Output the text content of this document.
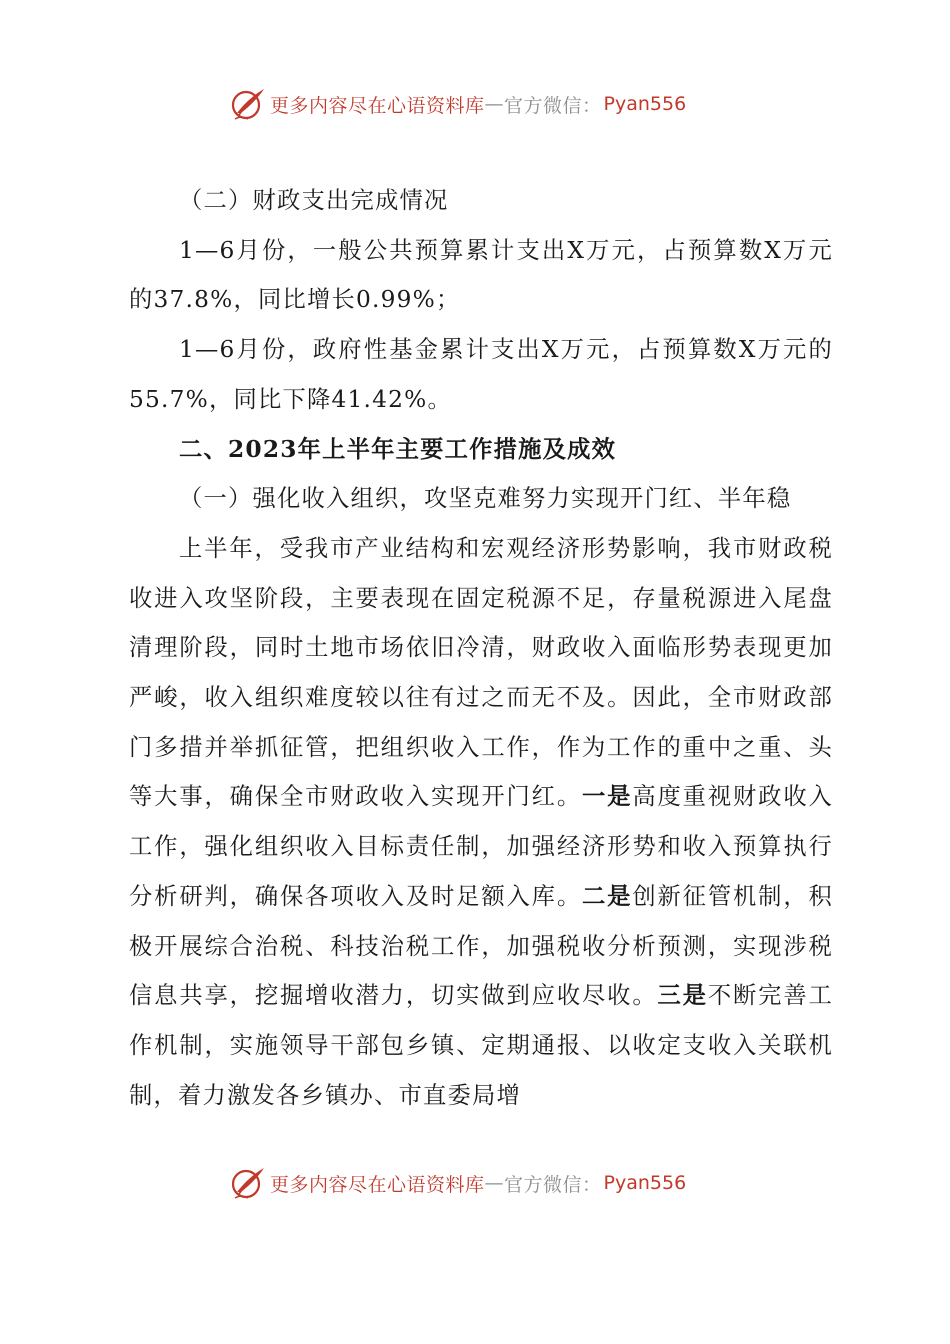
更多内容尽在心语资料库 — 官方微信： Pyan556

（二）财政支出完成情况

1—6月份，一般公共预算累计支出X万元，占预算数X万元的37.8%，同比增长0.99%；

1—6月份，政府性基金累计支出X万元，占预算数X万元的55.7%，同比下降41.42%。

二、2023年上半年主要工作措施及成效

（一）强化收入组织，攻坚克难努力实现开门红、半年稳

上半年，受我市产业结构和宏观经济形势影响，我市财政税收进入攻坚阶段，主要表现在固定税源不足，存量税源进入尾盘清理阶段，同时土地市场依旧冷清，财政收入面临形势表现更加严峻，收入组织难度较以往有过之而无不及。因此，全市财政部门多措并举抓征管，把组织收入工作，作为工作的重中之重、头等大事，确保全市财政收入实现开门红。一是高度重视财政收入工作，强化组织收入目标责任制，加强经济形势和收入预算执行分析研判，确保各项收入及时足额入库。二是创新征管机制，积极开展综合治税、科技治税工作，加强税收分析预测，实现涉税信息共享，挖掘增收潜力，切实做到应收尽收。三是不断完善工作机制，实施领导干部包乡镇、定期通报、以收定支收入关联机制，着力激发各乡镇办、市直委局增

更多内容尽在心语资料库 — 官方微信： Pyan556
